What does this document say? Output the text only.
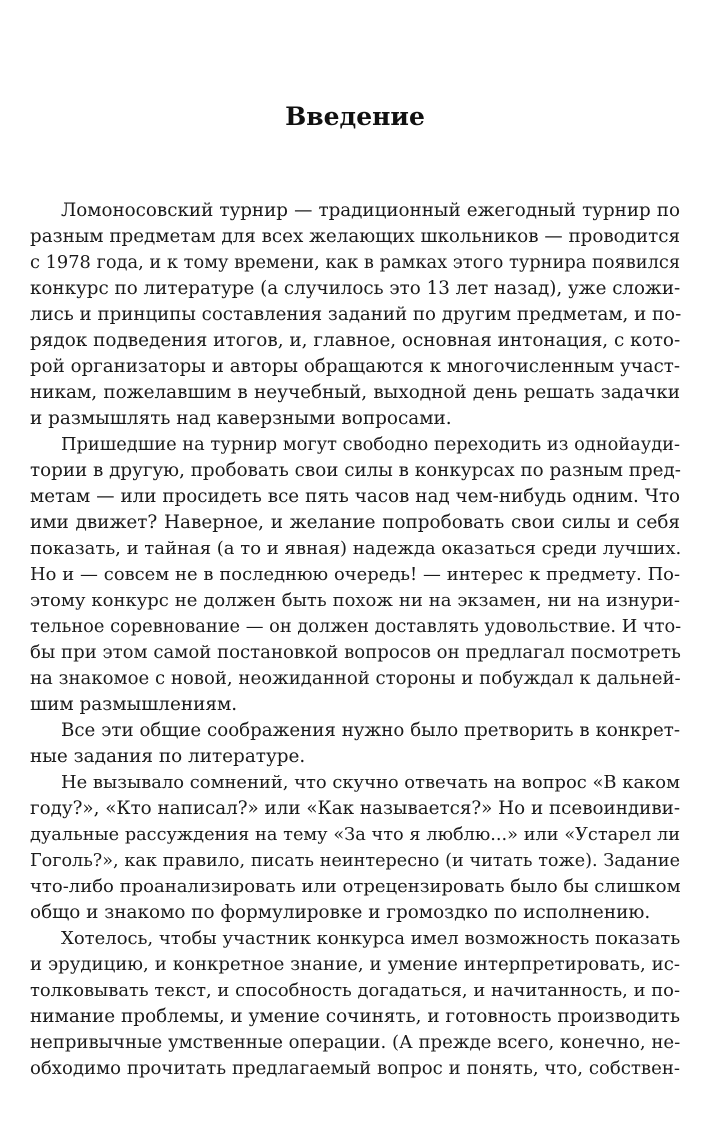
Введение
Ломоносовский турнир — традиционный ежегодный турнир по
разным предметам для всех желающих школьников — проводится
с 1978 года, и к тому времени, как в рамках этого турнира появился
конкурс по литературе (а случилось это 13 лет назад), уже сложи-
лись и принципы составления заданий по другим предметам, и по-
рядок подведения итогов, и, главное, основная интонация, с кото-
рой организаторы и авторы обращаются к многочисленным участ-
никам, пожелавшим в неучебный, выходной день решать задачки
и размышлять над каверзными вопросами.
Пришедшие на турнир могут свободно переходить из однойауди-
тории в другую, пробовать свои силы в конкурсах по разным пред-
метам — или просидеть все пять часов над чем-нибудь одним. Что
ими движет? Наверное, и желание попробовать свои силы и себя
показать, и тайная (а то и явная) надежда оказаться среди лучших.
Но и — совсем не в последнюю очередь! — интерес к предмету. По-
этому конкурс не должен быть похож ни на экзамен, ни на изнури-
тельное соревнование — он должен доставлять удовольствие. И что-
бы при этом самой постановкой вопросов он предлагал посмотреть
на знакомое с новой, неожиданной стороны и побуждал к дальней-
шим размышлениям.
Все эти общие соображения нужно было претворить в конкрет-
ные задания по литературе.
Не вызывало сомнений, что скучно отвечать на вопрос «В каком
году?», «Кто написал?» или «Как называется?» Но и псевоиндиви-
дуальные рассуждения на тему «За что я люблю...» или «Устарел ли
Гоголь?», как правило, писать неинтересно (и читать тоже). Задание
что-либо проанализировать или отрецензировать было бы слишком
общо и знакомо по формулировке и громоздко по исполнению.
Хотелось, чтобы участник конкурса имел возможность показать
и эрудицию, и конкретное знание, и умение интерпретировать, ис-
толковывать текст, и способность догадаться, и начитанность, и по-
нимание проблемы, и умение сочинять, и готовность производить
непривычные умственные операции. (А прежде всего, конечно, не-
обходимо прочитать предлагаемый вопрос и понять, что, собствен-
